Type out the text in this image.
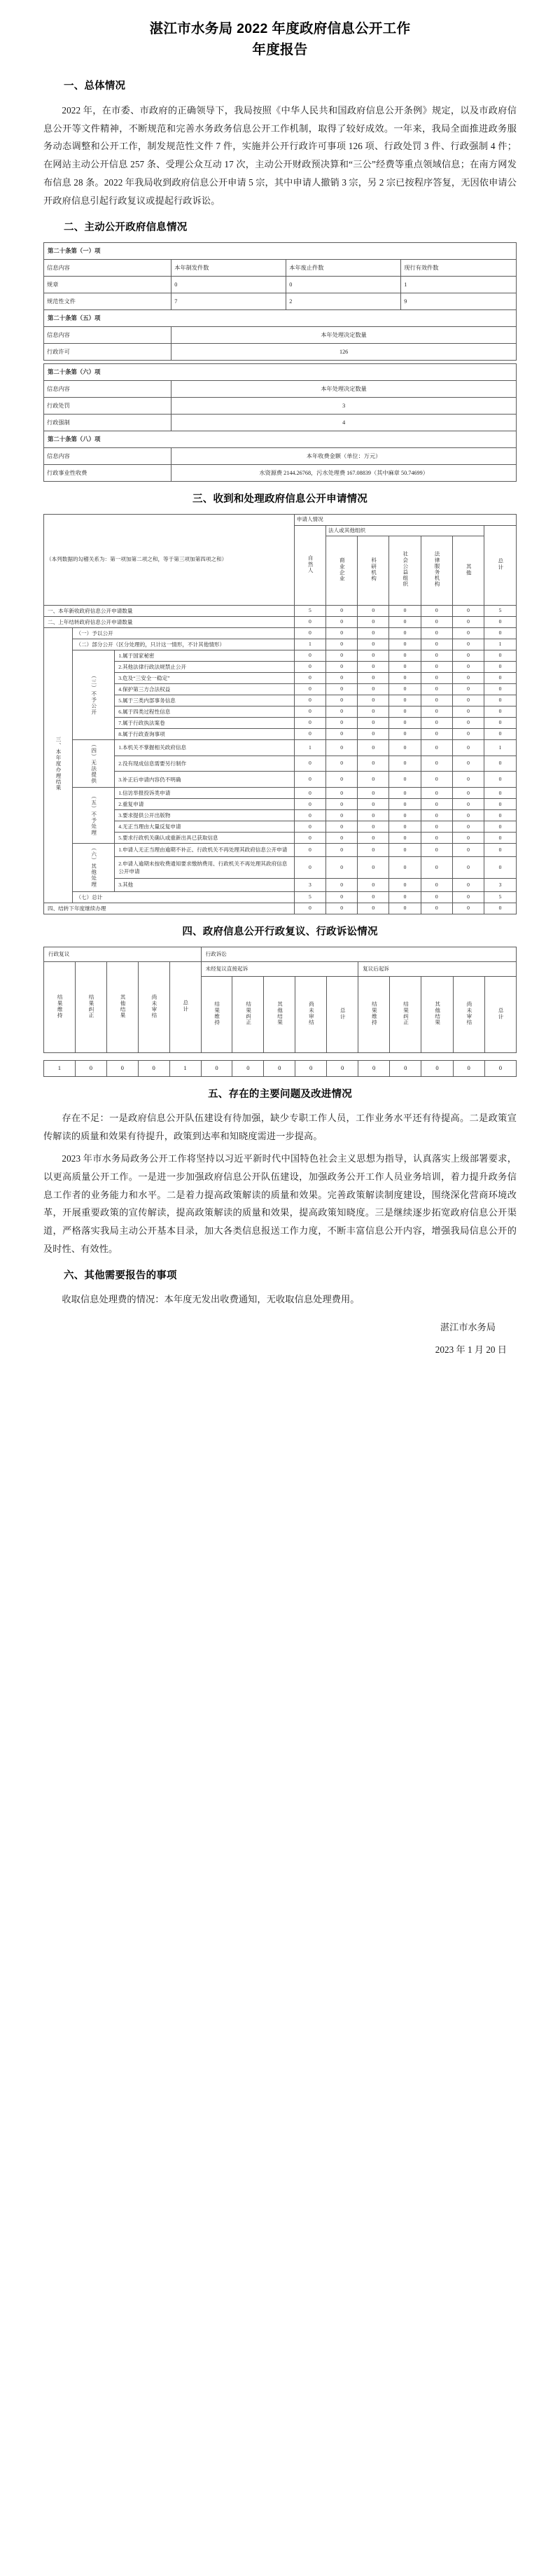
湛江市水务局 2022 年度政府信息公开工作
年度报告
一、总体情况

2022 年，在市委、市政府的正确领导下，我局按照《中华人民共和国政府信息公开条例》规定，以及市政府信息公开等文件精神，不断规范和完善水务政务信息公开工作机制，取得了较好成效。一年来，我局全面推进政务服务动态调整和公开工作，制发规范性文件 7 件，实施并公开行政许可事项 126 项、行政处罚 3 件、行政强制 4 件；在网站主动公开信息 257 条、受理公众互动 17 次，主动公开财政预决算和“三公”经费等重点领域信息；在南方网发布信息 28 条。2022 年我局收到政府信息公开申请 5 宗，其中申请人撤销 3 宗，另 2 宗已按程序答复，无因依申请公开政府信息引起行政复议或提起行政诉讼。

二、主动公开政府信息情况
第二十条第（一）项			
信息内容	本年制发件数	本年废止件数	现行有效件数
规章	0	0	1
规范性文件	7	2	9
第二十条第（五）项			
信息内容	本年处理决定数量		
行政许可	126		
第二十条第（六）项	
信息内容	本年处理决定数量
行政处罚	3
行政强制	4
第二十条第（八）项	
信息内容	本年收费金额（单位：万元）
行政事业性收费	水资源费 2144.26768，污水处理费 167.08839（其中麻章 50.74699）
三、收到和处理政府信息公开申请情况
（本列数据的勾稽关系为：第一项加第二项之和，等于第三项加第四项之和）			申请人情况						
			自然人	法人或其他组织					总计
				商业企业	科研机构	社会公益组织	法律服务机构	其他	
一、本年新收政府信息公开申请数量			5	0	0	0	0	0	5
二、上年结转政府信息公开申请数量			0	0	0	0	0	0	0
三、本年度办理结果	（一）予以公开		0	0	0	0	0	0	0
	（二）部分公开（区分处理的，只计这一情形，不计其他情形）		1	0	0	0	0	0	1
	（三）不予公开	1.属于国家秘密	0	0	0	0	0	0	0
		2.其他法律行政法规禁止公开	0	0	0	0	0	0	0
		3.危及“三安全一稳定”	0	0	0	0	0	0	0
		4.保护第三方合法权益	0	0	0	0	0	0	0
		5.属于三类内部事务信息	0	0	0	0	0	0	0
		6.属于四类过程性信息	0	0	0	0	0	0	0
		7.属于行政执法案卷	0	0	0	0	0	0	0
		8.属于行政查询事项	0	0	0	0	0	0	0
	（四）无法提供	1.本机关不掌握相关政府信息	1	0	0	0	0	0	1
		2.没有现成信息需要另行制作	0	0	0	0	0	0	0
		3.补正后申请内容仍不明确	0	0	0	0	0	0	0
	（五）不予处理	1.信访举报投诉类申请	0	0	0	0	0	0	0
		2.重复申请	0	0	0	0	0	0	0
		3.要求提供公开出版物	0	0	0	0	0	0	0
		4.无正当理由大量反复申请	0	0	0	0	0	0	0
		5.要求行政机关确认或重新出具已获取信息	0	0	0	0	0	0	0
	（六）其他处理	1.申请人无正当理由逾期不补正、行政机关不再处理其政府信息公开申请	0	0	0	0	0	0	0
		2.申请人逾期未按收费通知要求缴纳费用、行政机关不再处理其政府信息公开申请	0	0	0	0	0	0	0
		3.其他	3	0	0	0	0	0	3
	（七）总计		5	0	0	0	0	0	5
四、结转下年度继续办理			0	0	0	0	0	0	0
四、政府信息公开行政复议、行政诉讼情况
行政复议					行政诉讼									
结果维持	结果纠正	其他结果	尚未审结	总计	未经复议直接起诉					复议后起诉				
					结果维持	结果纠正	其他结果	尚未审结	总计	结果维持	结果纠正	其他结果	尚未审结	总计
1	0	0	0	1	0	0	0	0	0	0	0	0	0	0
五、存在的主要问题及改进情况

存在不足：一是政府信息公开队伍建设有待加强，缺少专职工作人员，工作业务水平还有待提高。二是政策宣传解读的质量和效果有待提升，政策到达率和知晓度需进一步提高。

2023 年市水务局政务公开工作将坚持以习近平新时代中国特色社会主义思想为指导，认真落实上级部署要求，以更高质量公开工作。一是进一步加强政府信息公开队伍建设，加强政务公开工作人员业务培训，着力提升政务信息工作者的业务能力和水平。二是着力提高政策解读的质量和效果。完善政策解读制度建设，围绕深化营商环境改革，开展重要政策的宣传解读，提高政策解读的质量和效果，提高政策知晓度。三是继续逐步拓宽政府信息公开渠道，严格落实我局主动公开基本目录，加大各类信息报送工作力度，不断丰富信息公开内容，增强我局信息公开的及时性、有效性。

六、其他需要报告的事项

收取信息处理费的情况：本年度无发出收费通知，无收取信息处理费用。

湛江市水务局
2023 年 1 月 20 日
